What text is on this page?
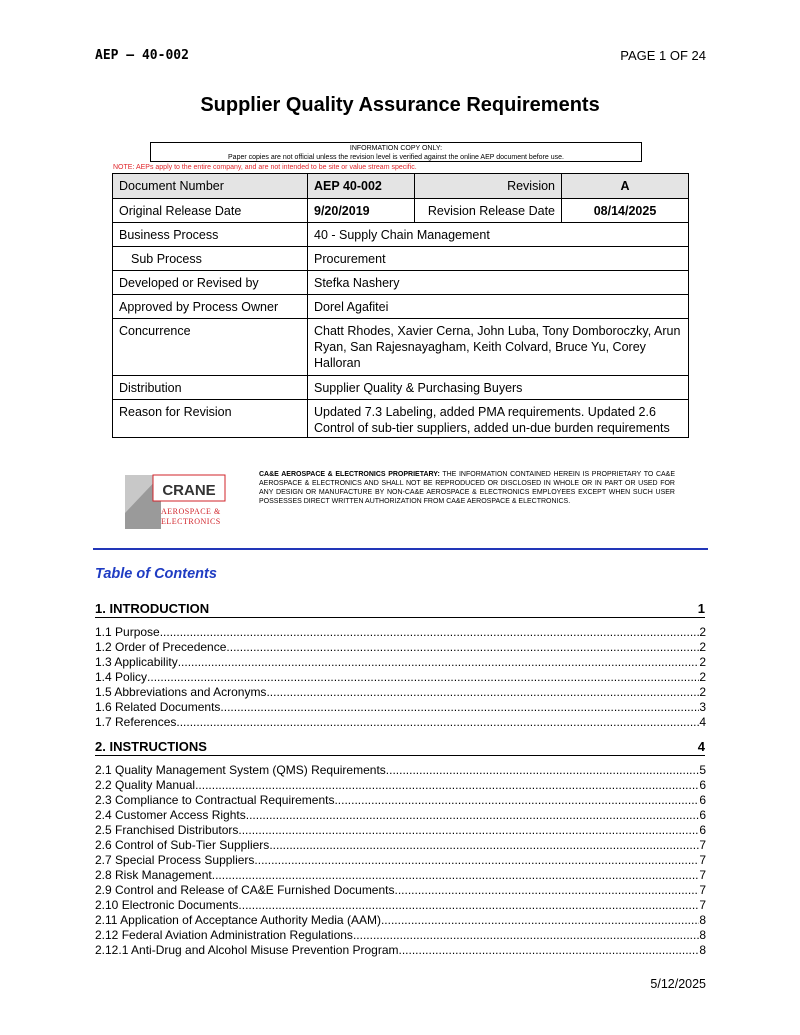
AEP – 40-002	PAGE 1 OF 24
Supplier Quality Assurance Requirements
INFORMATION COPY ONLY:
Paper copies are not official unless the revision level is verified against the online AEP document before use.
NOTE: AEPs apply to the entire company, and are not intended to be site or value stream specific.
Document Number	AEP 40-002	Revision	A
Original Release Date	9/20/2019	Revision Release Date	08/14/2025
Business Process	40 - Supply Chain Management		
Sub Process	Procurement		
Developed or Revised by	Stefka Nashery		
Approved by Process Owner	Dorel Agafitei		
Concurrence	Chatt Rhodes, Xavier Cerna, John Luba, Tony Domboroczky, Arun Ryan, San Rajesnayagham, Keith Colvard, Bruce Yu, Corey Halloran		
Distribution	Supplier Quality & Purchasing Buyers		
Reason for Revision	Updated 7.3 Labeling, added PMA requirements. Updated 2.6 Control of sub-tier suppliers, added un-due burden requirements		
CRANE
AEROSPACE &
ELECTRONICS
CA&E AEROSPACE & ELECTRONICS PROPRIETARY: THE INFORMATION CONTAINED HEREIN IS PROPRIETARY TO CA&E AEROSPACE & ELECTRONICS AND SHALL NOT BE REPRODUCED OR DISCLOSED IN WHOLE OR IN PART OR USED FOR ANY DESIGN OR MANUFACTURE BY NON-CA&E AEROSPACE & ELECTRONICS EMPLOYEES EXCEPT WHEN SUCH USER POSSESSES DIRECT WRITTEN AUTHORIZATION FROM CA&E AEROSPACE & ELECTRONICS.
Table of Contents
1. INTRODUCTION	1
1.1 Purpose .....	2
1.2 Order of Precedence .....	2
1.3 Applicability .....	2
1.4 Policy .....	2
1.5 Abbreviations and Acronyms .....	2
1.6 Related Documents .....	3
1.7 References .....	4
2. INSTRUCTIONS	4
2.1 Quality Management System (QMS) Requirements .....	5
2.2 Quality Manual .....	6
2.3 Compliance to Contractual Requirements .....	6
2.4 Customer Access Rights .....	6
2.5 Franchised Distributors .....	6
2.6 Control of Sub-Tier Suppliers .....	7
2.7 Special Process Suppliers .....	7
2.8 Risk Management .....	7
2.9 Control and Release of CA&E Furnished Documents .....	7
2.10 Electronic Documents .....	7
2.11 Application of Acceptance Authority Media (AAM) .....	8
2.12 Federal Aviation Administration Regulations .....	8
2.12.1 Anti-Drug and Alcohol Misuse Prevention Program .....	8
5/12/2025
